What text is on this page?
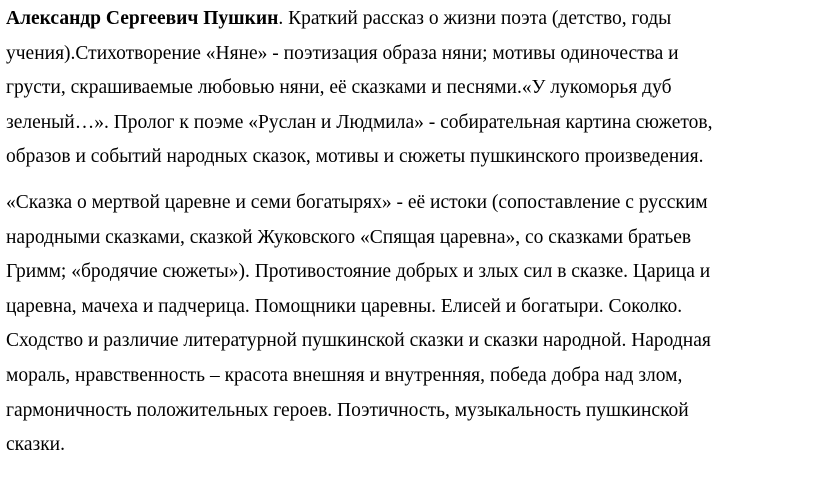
Александр Сергеевич Пушкин. Краткий рассказ о жизни поэта (детство, годы
учения).Стихотворение «Няне» - поэтизация образа няни; мотивы одиночества и
грусти, скрашиваемые любовью няни, её сказками и песнями.«У лукоморья дуб
зеленый…». Пролог к поэме «Руслан и Людмила» - собирательная картина сюжетов,
образов и событий народных сказок, мотивы и сюжеты пушкинского произведения.

«Сказка о мертвой царевне и семи богатырях» - её истоки (сопоставление с русским
народными сказками, сказкой Жуковского «Спящая царевна», со сказками братьев
Гримм; «бродячие сюжеты»). Противостояние добрых и злых сил в сказке. Царица и
царевна, мачеха и падчерица. Помощники царевны. Елисей и богатыри. Соколко.
Сходство и различие литературной пушкинской сказки и сказки народной. Народная
мораль, нравственность – красота внешняя и внутренняя, победа добра над злом,
гармоничность положительных героев. Поэтичность, музыкальность пушкинской
сказки.
